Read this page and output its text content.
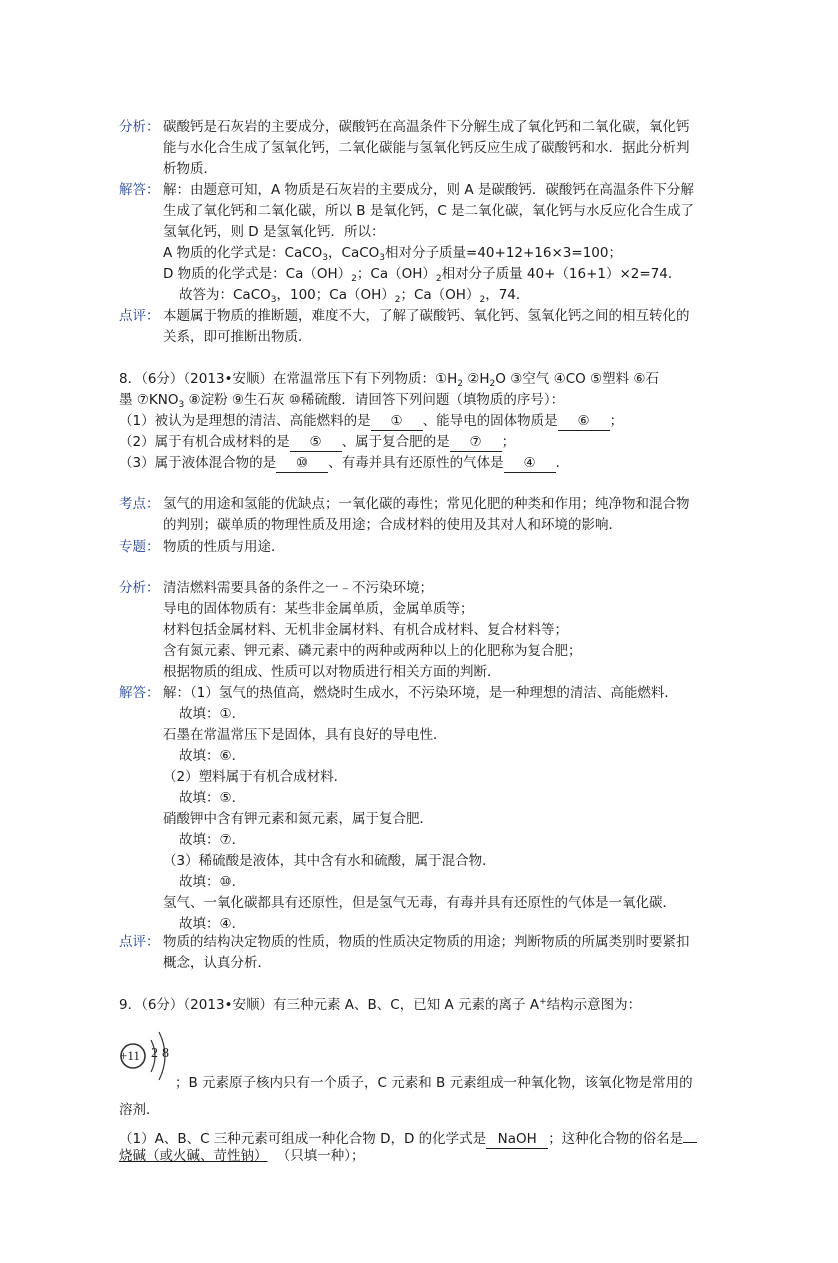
分析： 碳酸钙是石灰岩的主要成分，碳酸钙在高温条件下分解生成了氧化钙和二氧化碳，氧化钙
能与水化合生成了氢氧化钙，二氧化碳能与氢氧化钙反应生成了碳酸钙和水．据此分析判
析物质．
解答： 解：由题意可知，A 物质是石灰岩的主要成分，则 A 是碳酸钙．碳酸钙在高温条件下分解
生成了氧化钙和二氧化碳，所以 B 是氧化钙，C 是二氧化碳，氧化钙与水反应化合生成了
氢氧化钙，则 D 是氢氧化钙．所以：
A 物质的化学式是：CaCO$_3$，CaCO$_3$相对分子质量=40+12+16×3=100；
D 物质的化学式是：$Ca(OH)_2$；$Ca(OH)_2$相对分子质量 40+（16+1）×2=74．
故答为：CaCO$_3$，100；$Ca(OH)_2$；$Ca(OH)_2$，74．
点评： 本题属于物质的推断题，难度不大，了解了碳酸钙、氧化钙、氢氧化钙之间的相互转化的
关系，即可推断出物质．
8．（6分）（2013•安顺）在常温常压下有下列物质：$①H_2$ $②H_2O$ ③空气 ④CO ⑤塑料 ⑥石
墨 $⑦KNO_3$ ⑧淀粉 ⑨生石灰 ⑩稀硫酸．请回答下列问题（填物质的序号）：
（1）被认为是理想的清洁、高能燃料的是 ① 、能导电的固体物质是 ⑥ ；
（2）属于有机合成材料的是 ⑤ 、属于复合肥的是 ⑦ ；
（3）属于液体混合物的是 ⑩ 、有毒并具有还原性的气体是 ④ ．
考点： 氢气的用途和氢能的优缺点；一氧化碳的毒性；常见化肥的种类和作用；纯净物和混合物
的判别；碳单质的物理性质及用途；合成材料的使用及其对人和环境的影响．
专题： 物质的性质与用途．
分析： 清洁燃料需要具备的条件之一﹣不污染环境；
导电的固体物质有：某些非金属单质，金属单质等；
材料包括金属材料、无机非金属材料、有机合成材料、复合材料等；
含有氮元素、钾元素、磷元素中的两种或两种以上的化肥称为复合肥；
根据物质的组成、性质可以对物质进行相关方面的判断．
解答： 解：（1）氢气的热值高，燃烧时生成水，不污染环境，是一种理想的清洁、高能燃料．
故填：①．
石墨在常温常压下是固体，具有良好的导电性．
故填：⑥．
（2）塑料属于有机合成材料．
故填：⑤．
硝酸钾中含有钾元素和氮元素，属于复合肥．
故填：⑦．
（3）稀硫酸是液体，其中含有水和硫酸，属于混合物．
故填：⑩．
氢气、一氧化碳都具有还原性，但是氢气无毒，有毒并具有还原性的气体是一氧化碳．
故填：④．
点评： 物质的结构决定物质的性质，物质的性质决定物质的用途；判断物质的所属类别时要紧扣
概念，认真分析．
9．（6分）（2013•安顺）有三种元素 A、B、C，已知 A 元素的离子 A+结构示意图为：
+11 2 8
；B 元素原子核内只有一个质子，C 元素和 B 元素组成一种氧化物，该氧化物是常用的
溶剂．
（1）A、B、C 三种元素可组成一种化合物 D，D 的化学式是 NaOH ；这种化合物的俗名是
烧碱（或火碱、苛性钠） （只填一种）；
